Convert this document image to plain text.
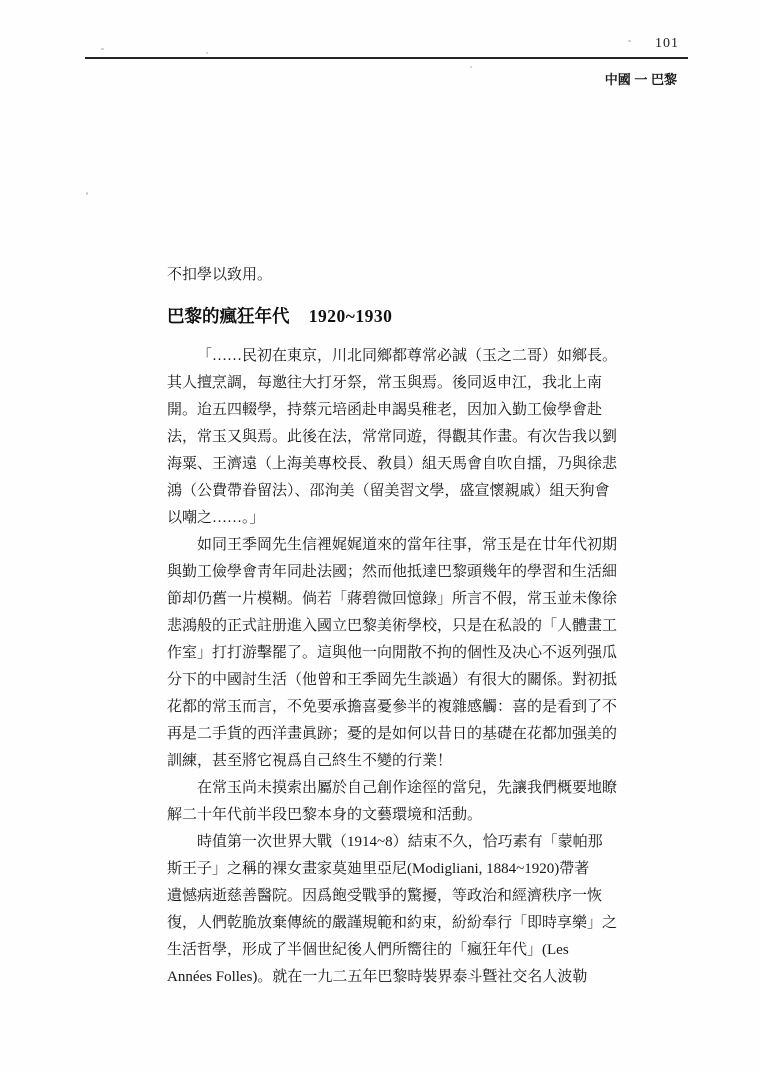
101
中國 一 巴黎
不扣學以致用。
巴黎的瘋狂年代 1920~1930
「……民初在東京，川北同鄉都尊常必誠（玉之二哥）如鄉長。
其人擅烹調，每邀往大打牙祭，常玉與焉。後同返申江，我北上南
開。迨五四輟學，持蔡元培函赴申謁吳稚老，因加入勤工儉學會赴
法，常玉又與焉。此後在法，常常同遊，得觀其作畫。有次告我以劉
海粟、王濟遠（上海美專校長、敎員）組天馬會自吹自擂，乃與徐悲
鴻（公費帶眷留法）、邵洵美（留美習文學，盛宣懷親戚）組天狗會
以嘲之……。」
如同王季岡先生信裡娓娓道來的當年往事，常玉是在廿年代初期
與勤工儉學會靑年同赴法國；然而他抵達巴黎頭幾年的學習和生活細
節却仍舊一片模糊。倘若「蔣碧微回憶錄」所言不假，常玉並未像徐
悲鴻般的正式註册進入國立巴黎美術學校，只是在私設的「人體畫工
作室」打打游擊罷了。這與他一向閒散不拘的個性及决心不返列强瓜
分下的中國討生活（他曾和王季岡先生談過）有很大的關係。對初抵
花都的常玉而言，不免要承擔喜憂參半的複雜感觸：喜的是看到了不
再是二手貨的西洋畫眞跡；憂的是如何以昔日的基礎在花都加强美的
訓練，甚至將它視爲自己終生不變的行業！
在常玉尚未摸索出屬於自己創作途徑的當兒，先讓我們概要地瞭
解二十年代前半段巴黎本身的文藝環境和活動。
時值第一次世界大戰（1914~8）結束不久，恰巧素有「蒙帕那
斯王子」之稱的裸女畫家莫廸里亞尼(Modigliani, 1884~1920)帶著
遺憾病逝慈善醫院。因爲飽受戰爭的驚擾，等政治和經濟秩序一恢
復，人們乾脆放棄傳統的嚴謹規範和約束，紛紛奉行「即時享樂」之
生活哲學，形成了半個世紀後人們所嚮往的「瘋狂年代」(Les
Années Folles)。就在一九二五年巴黎時裝界泰斗曁社交名人波勒
